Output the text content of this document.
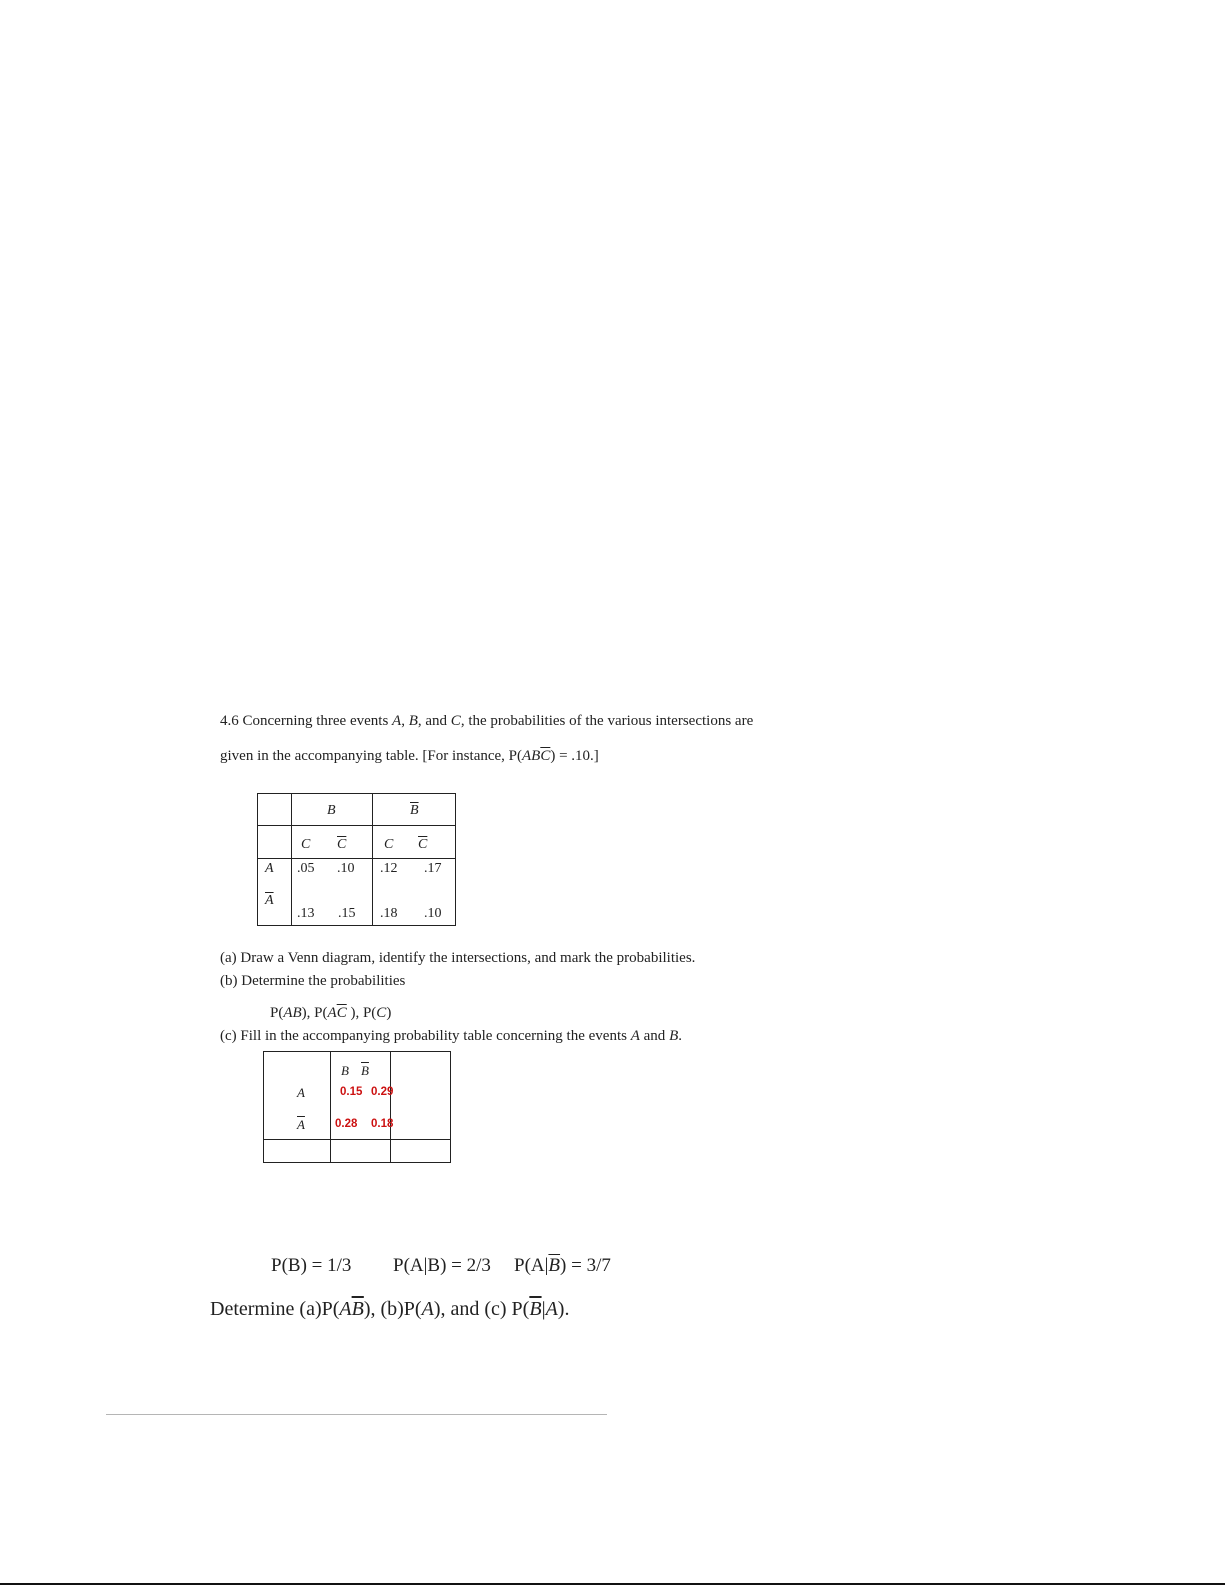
4.6 Concerning three events A, B, and C, the probabilities of the various intersections are
given in the accompanying table. [For instance, $P(AB\overline{C}) = .10$.]
B	$\overline{B}$
C $\overline{C}$	C $\overline{C}$
A
$\overline{A}$
.05 .10 .12 .17
.13 .15 .18 .10
(a) Draw a Venn diagram, identify the intersections, and mark the probabilities.
(b) Determine the probabilities
P(AB), $P(A\overline{C}$ ), P(C)
(c) Fill in the accompanying probability table concerning the events A and B.
B $\overline{B}$
A
$\overline{A}$
0.15 0.29
0.28 0.18
P(B) = 1/3 P(A|B) = 2/3 $P(A|\overline{B}) = 3/7$
Determine $(a)P(A\overline{B})$, (b)P(A), and (c) $P(\overline{B}|A)$.
